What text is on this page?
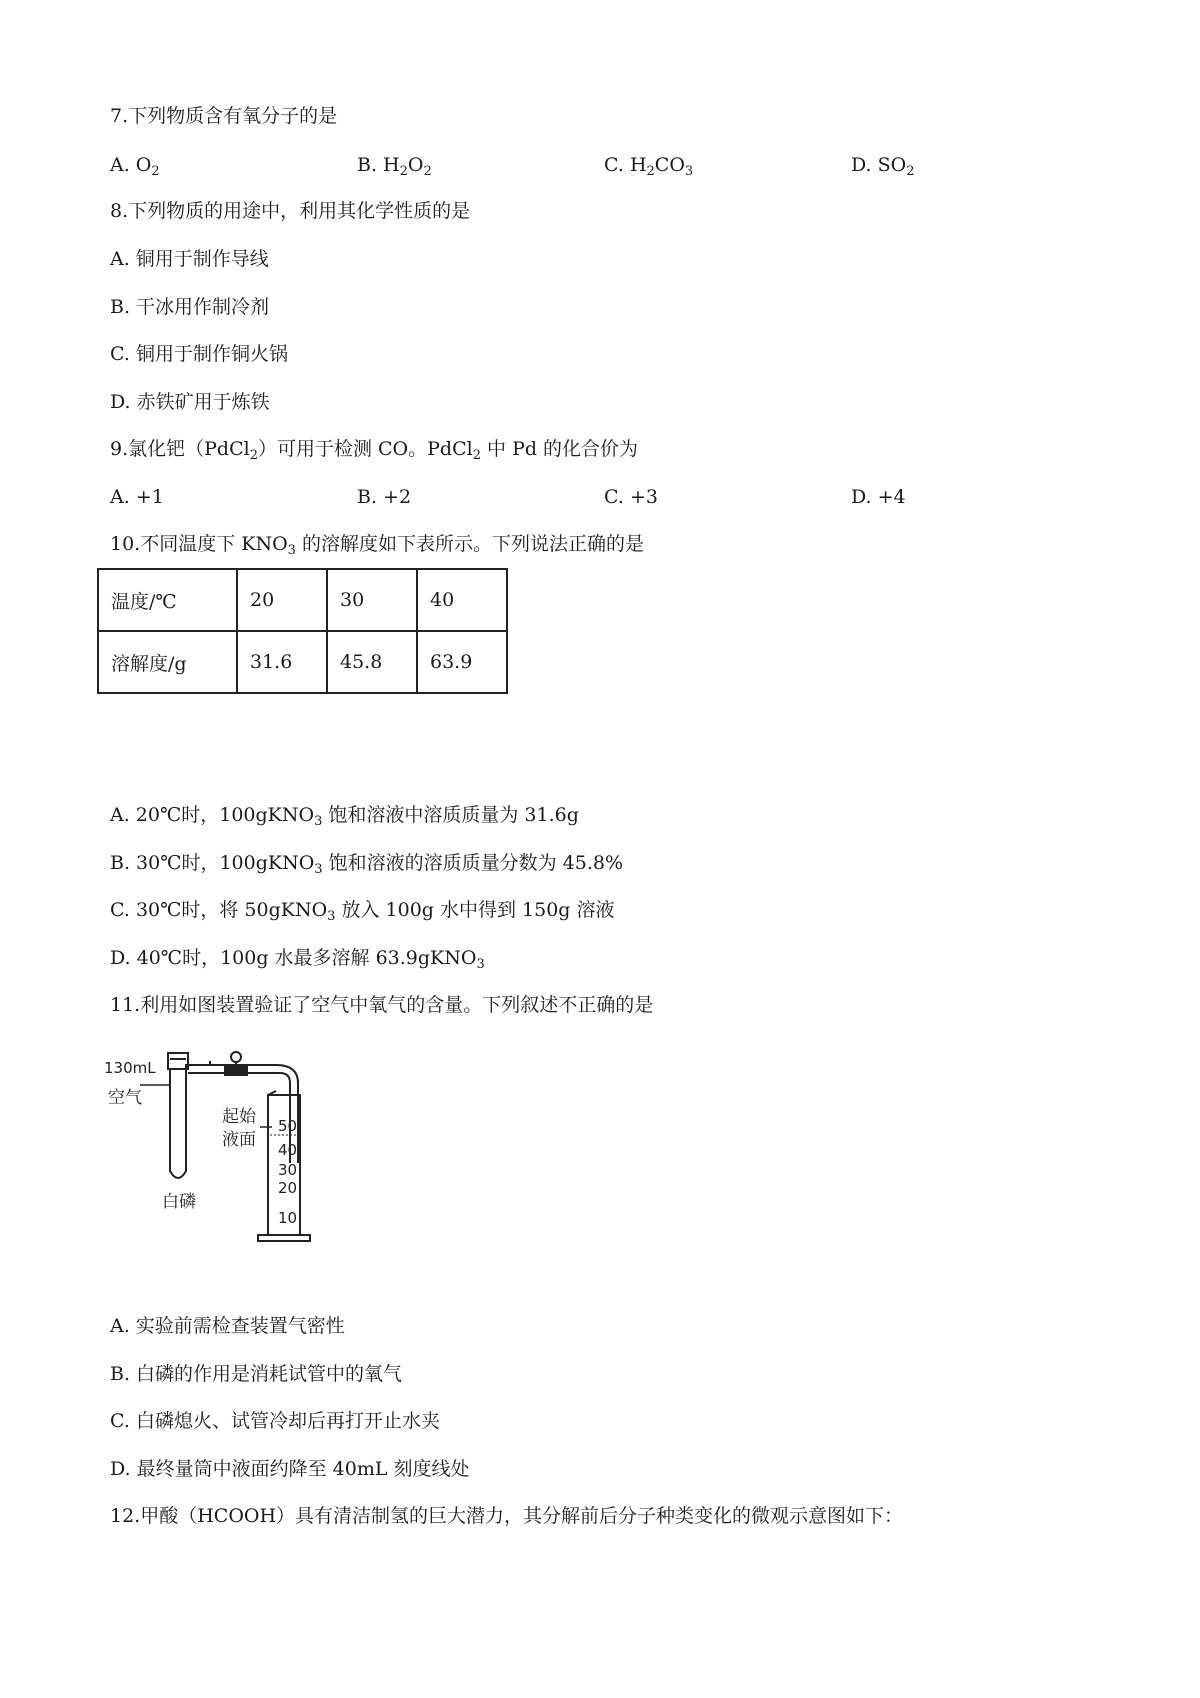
7.下列物质含有氧分子的是
A. $O_2$	B. $H_2O_2$	C. $H_2CO_3$	D. $SO_2$
8.下列物质的用途中，利用其化学性质的是
A. 铜用于制作导线
B. 干冰用作制冷剂
C. 铜用于制作铜火锅
D. 赤铁矿用于炼铁
9.氯化钯（PdCl$_2$）可用于检测 CO。PdCl$_2$ 中 Pd 的化合价为
A. +1	B. +2	C. +3	D. +4
10.不同温度下 $KNO_3$ 的溶解度如下表所示。下列说法正确的是
温度/℃	20	30	40
溶解度/g	31.6	45.8	63.9
A. 20℃时，100gKNO$_3$ 饱和溶液中溶质质量为 31.6g
B. 30℃时，100gKNO$_3$ 饱和溶液的溶质质量分数为 45.8%
C. 30℃时，将 50gKNO$_3$ 放入 100g 水中得到 150g 溶液
D. 40℃时，100g 水最多溶解 63.9gKNO$_3$
11.利用如图装置验证了空气中氧气的含量。下列叙述不正确的是
50
40
30
20
10
130mL
空气
起始
液面
白磷
A. 实验前需检查装置气密性
B. 白磷的作用是消耗试管中的氧气
C. 白磷熄火、试管冷却后再打开止水夹
D. 最终量筒中液面约降至 40mL 刻度线处
12.甲酸（HCOOH）具有清洁制氢的巨大潜力，其分解前后分子种类变化的微观示意图如下：
